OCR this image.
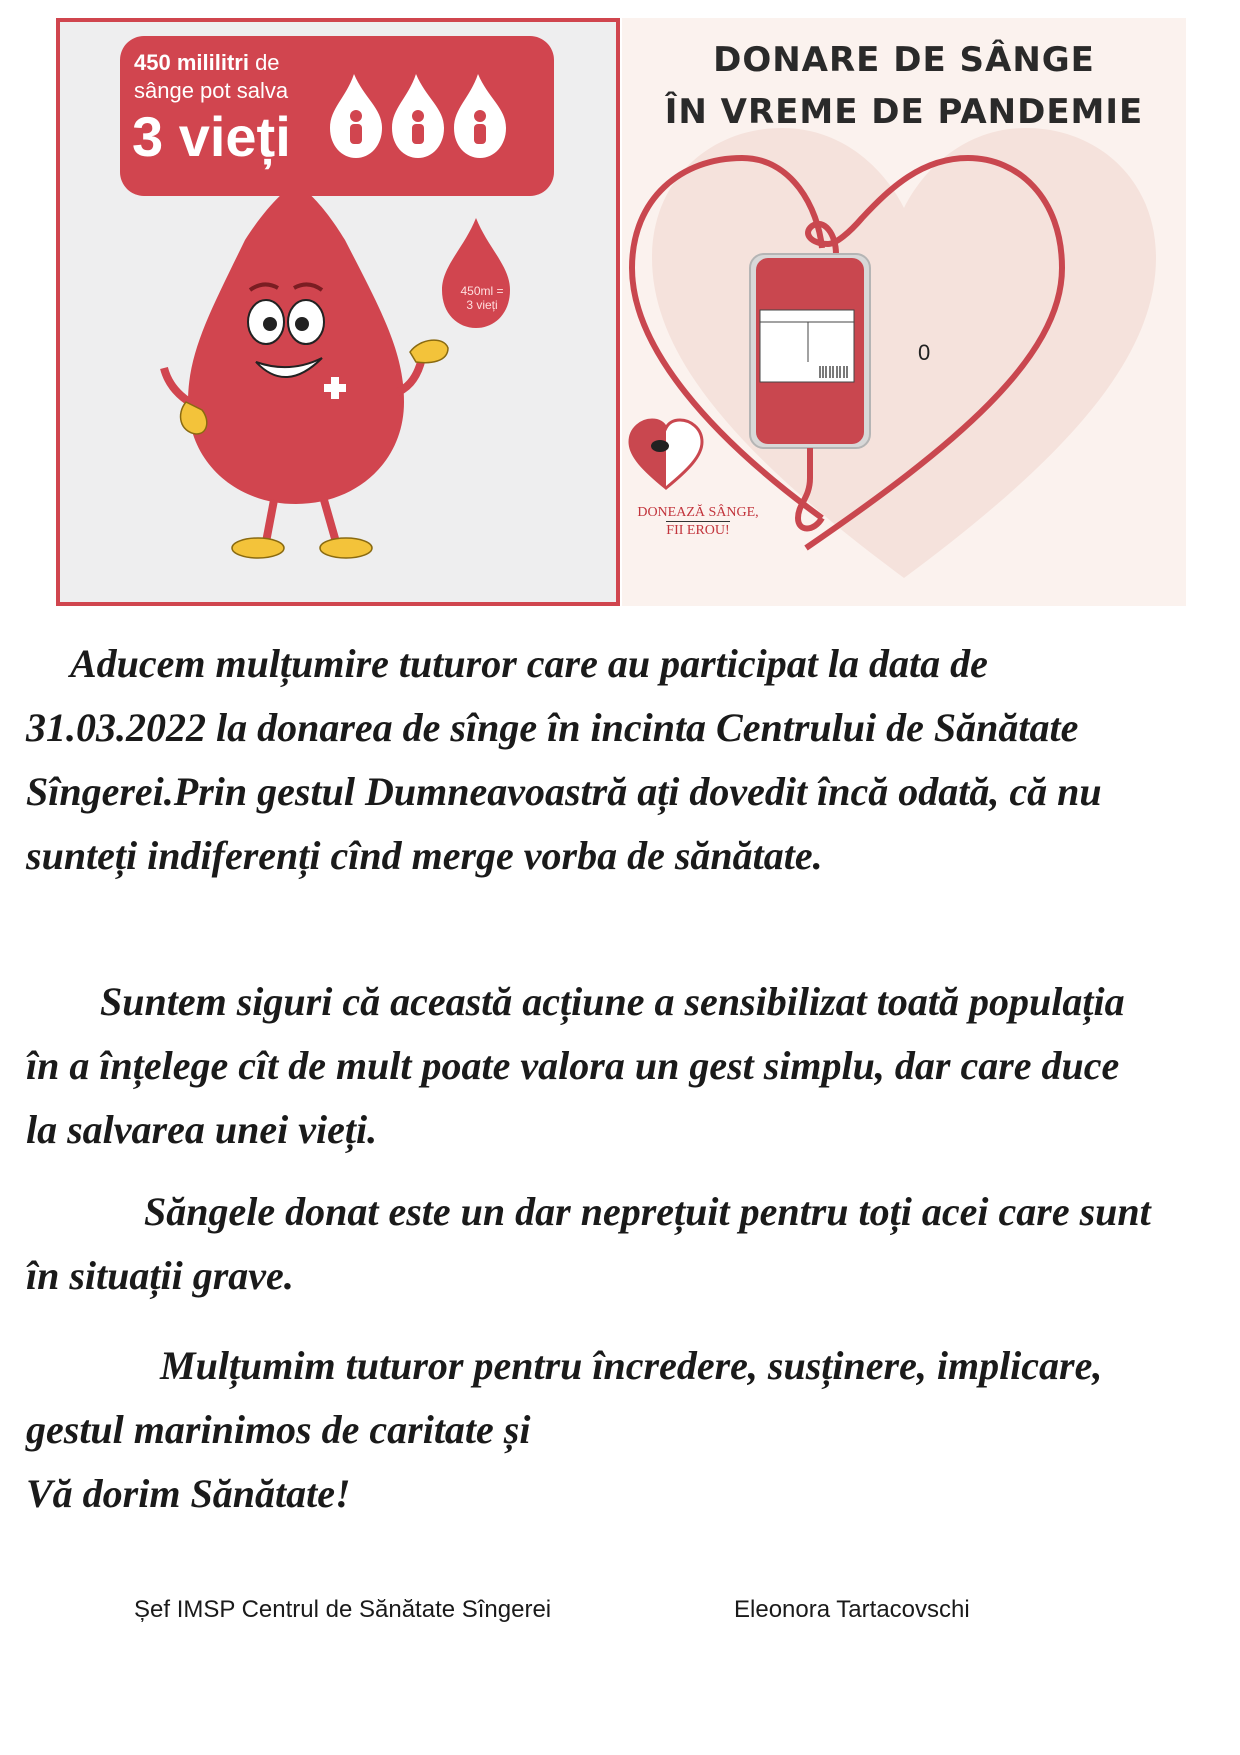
450 mililitri de
sânge pot salva
3 vieți
450ml =
3 vieți
DONARE DE SÂNGE
ÎN VREME DE PANDEMIE
0
DONEAZĂ SÂNGE,
FII EROU!
Aducem mulțumire tuturor care au participat la data de 31.03.2022 la donarea de sînge în incinta Centrului de Sănătate Sîngerei.Prin gestul Dumneavoastră ați dovedit încă odată, că nu sunteți indiferenți cînd merge vorba de sănătate.
Suntem siguri că această acțiune a sensibilizat toată populația în a înțelege cît de mult poate valora un gest simplu, dar care duce la salvarea unei vieți.
Săngele donat este un dar neprețuit pentru toți acei care sunt în situații grave.
Mulțumim tuturor pentru încredere, susținere, implicare, gestul marinimos de caritate și
Vă dorim Sănătate!
Șef IMSP Centrul de Sănătate Sîngerei	Eleonora Tartacovschi
